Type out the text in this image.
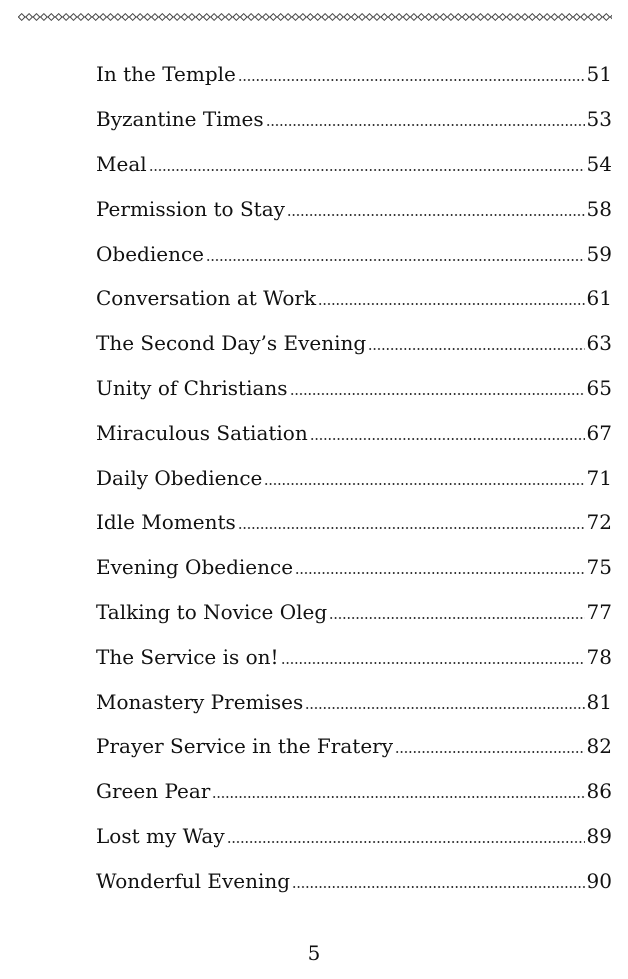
In the Temple	51
Byzantine Times	53
Meal	54
Permission to Stay	58
Obedience	59
Conversation at Work	61
The Second Day’s Evening	63
Unity of Christians	65
Miraculous Satiation	67
Daily Obedience	71
Idle Moments	72
Evening Obedience	75
Talking to Novice Oleg	77
The Service is on!	78
Monastery Premises	81
Prayer Service in the Fratery	82
Green Pear	86
Lost my Way	89
Wonderful Evening	90
5
